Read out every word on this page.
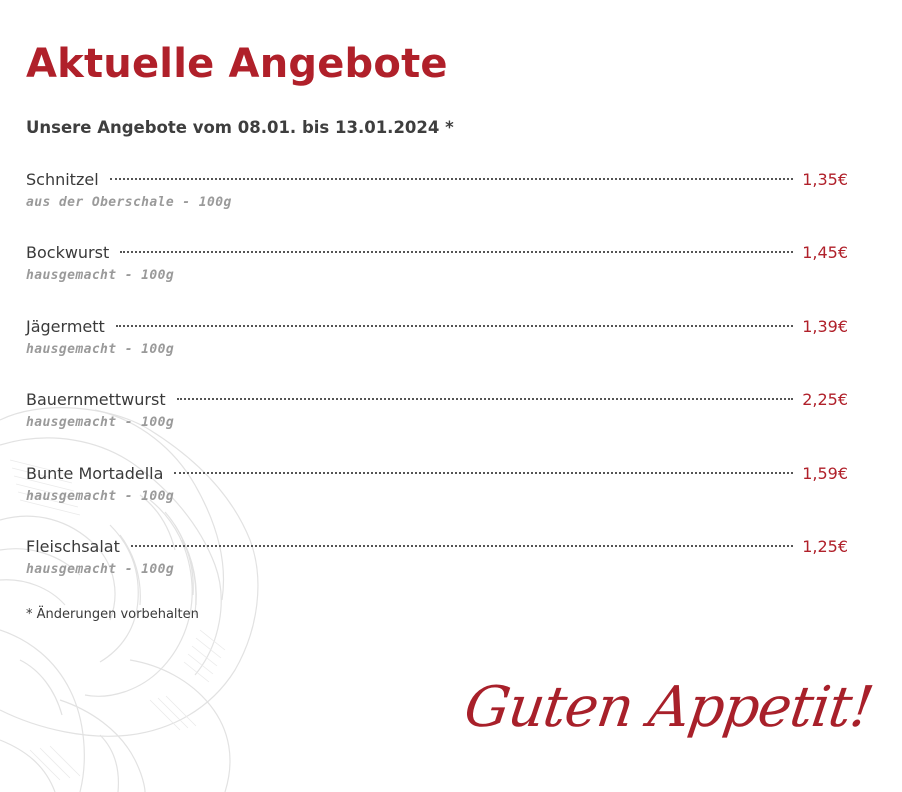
Aktuelle Angebote

Unsere Angebote vom 08.01. bis 13.01.2024 *

Schnitzel	1,35€
aus der Oberschale - 100g
Bockwurst	1,45€
hausgemacht - 100g
Jägermett	1,39€
hausgemacht - 100g
Bauernmettwurst	2,25€
hausgemacht - 100g
Bunte Mortadella	1,59€
hausgemacht - 100g
Fleischsalat	1,25€
hausgemacht - 100g

* Änderungen vorbehalten

Guten Appetit!
